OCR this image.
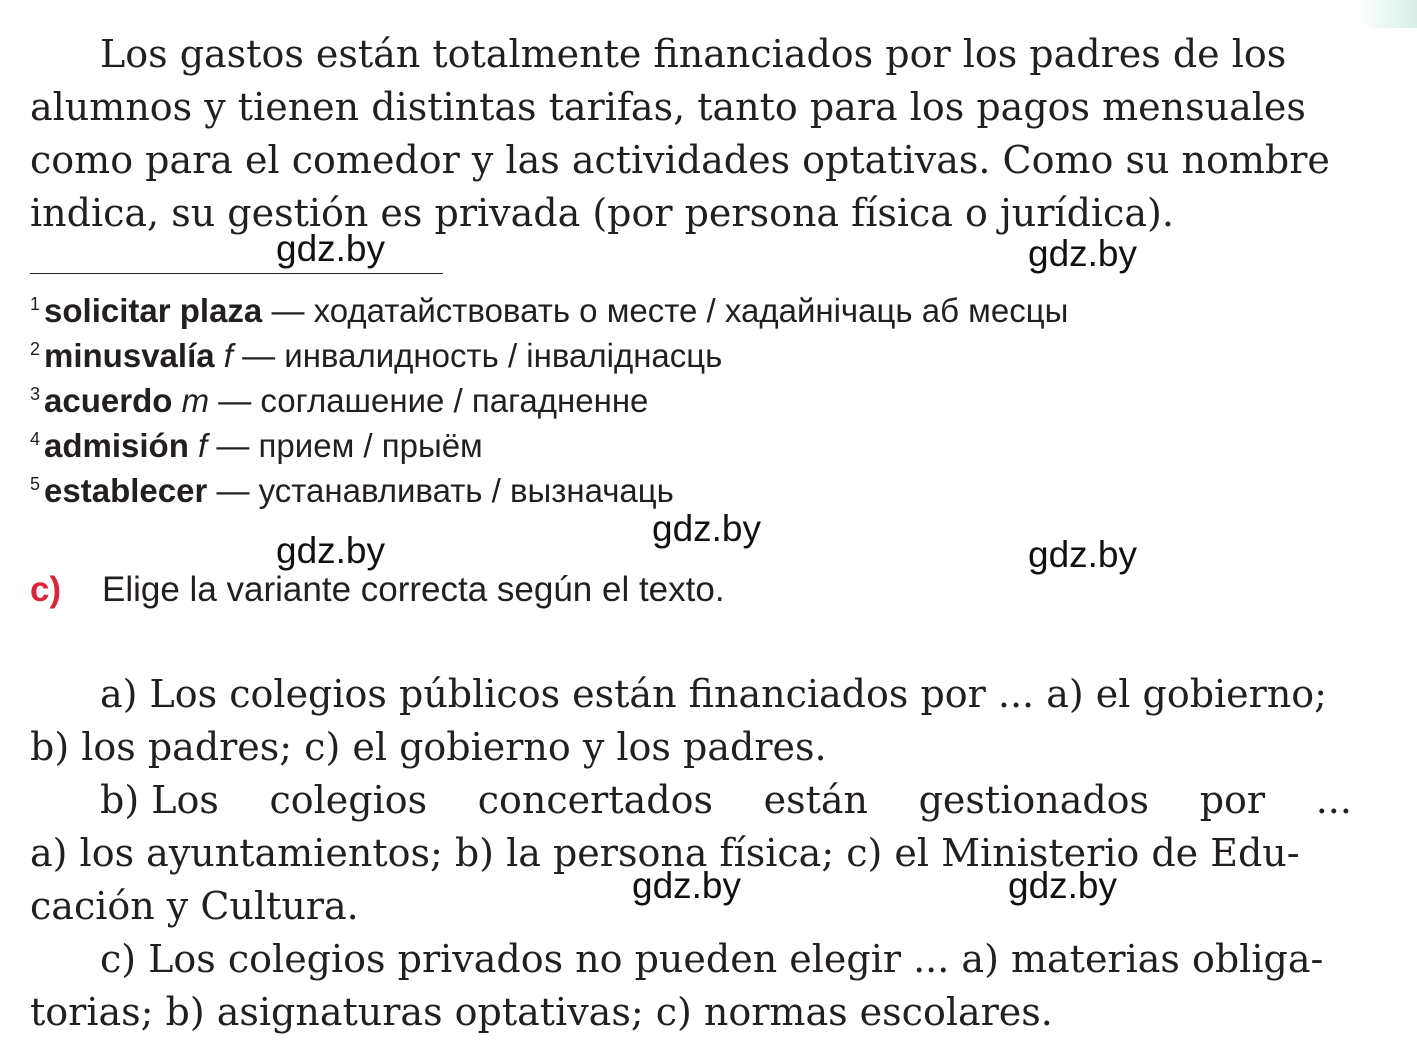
Los gastos están totalmente financiados por los padres de los
alumnos y tienen distintas tarifas, tanto para los pagos mensuales
como para el comedor y las actividades optativas. Como su nombre
indica, su gestión es privada (por persona física o jurídica).
$^1$ solicitar plaza — ходатайствовать о месте / хадайнічаць аб месцы
$^2$ minusvalía f — инвалидность / інваліднасць
$^3$ acuerdo m — соглашение / пагадненне
$^4$ admisión f — прием / прыём
$^5$ establecer — устанавливать / вызначаць
c) Elige la variante correcta según el texto.
a) Los colegios públicos están financiados por ... a) el gobierno;
b) los padres; c) el gobierno y los padres.
b) Los colegios concertados están gestionados por ...
a) los ayuntamientos; b) la persona física; c) el Ministerio de Edu-
cación y Cultura.
c) Los colegios privados no pueden elegir ... a) materias obliga-
torias; b) asignaturas optativas; c) normas escolares.
gdz.by	gdz.by
gdz.by
gdz.by	gdz.by
gdz.by	gdz.by
